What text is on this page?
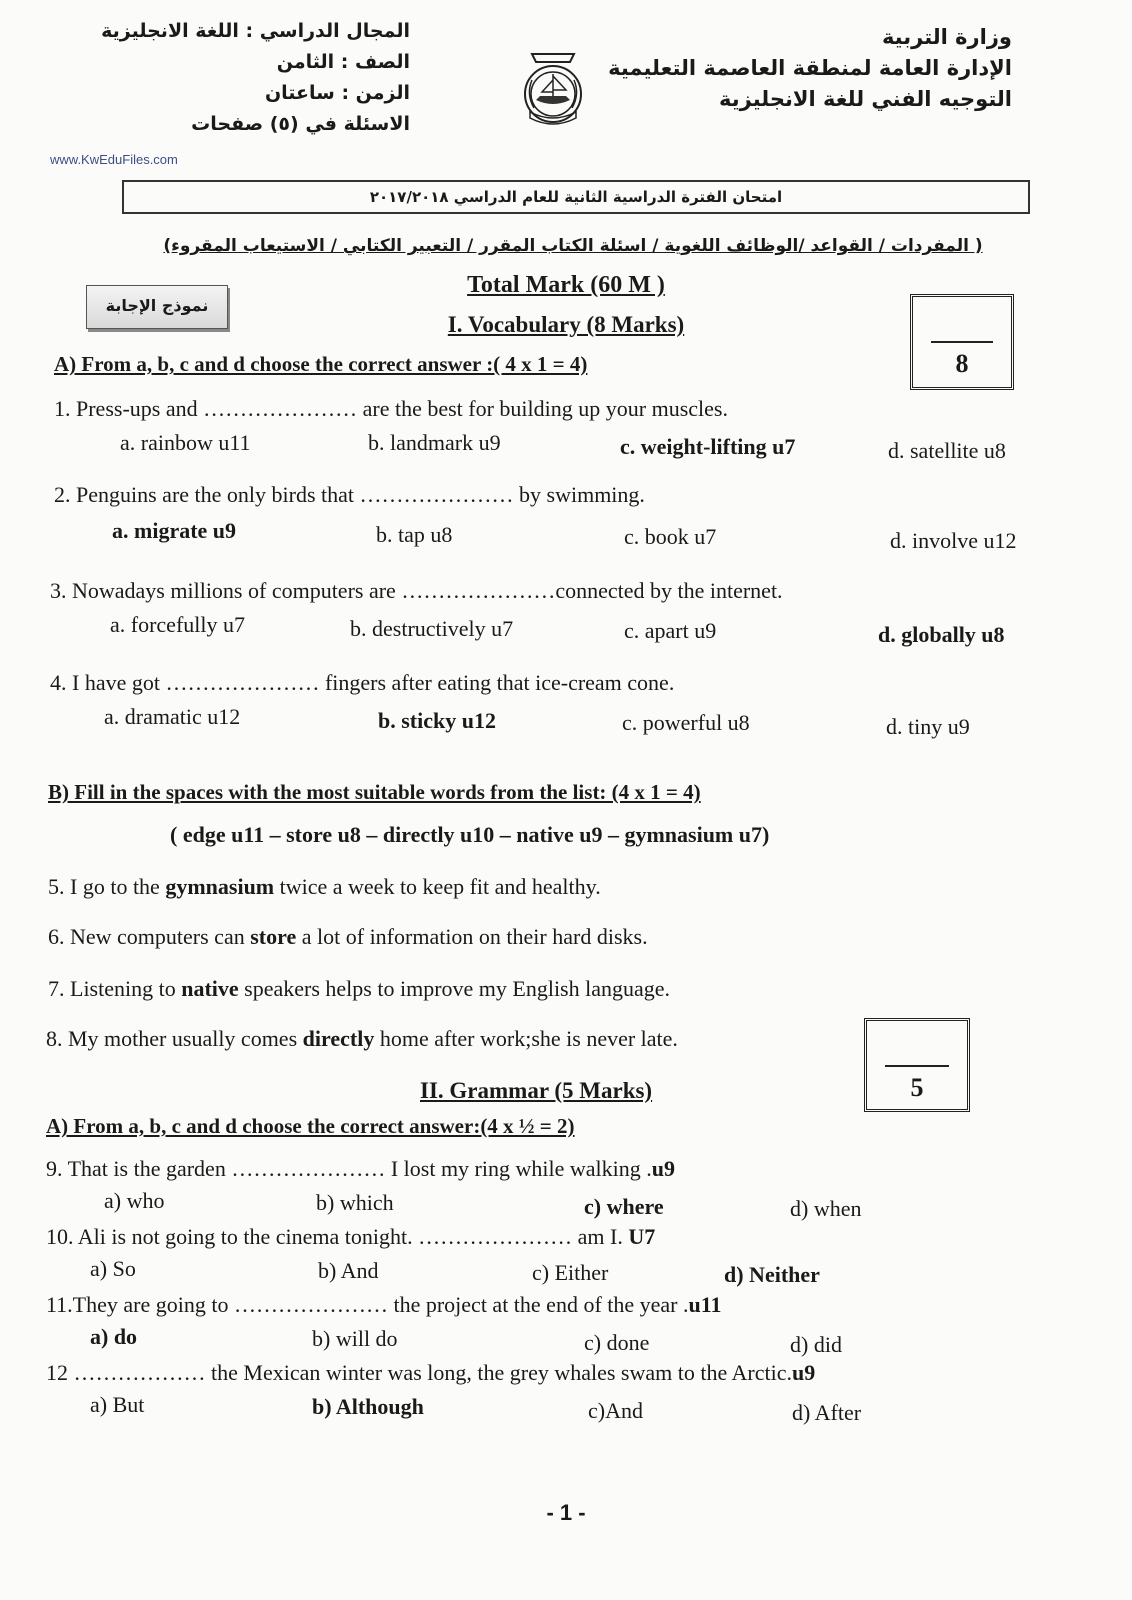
وزارة التربية
الإدارة العامة لمنطقة العاصمة التعليمية
التوجيه الفني للغة الانجليزية
المجال الدراسي : اللغة الانجليزية
الصف : الثامن
الزمن : ساعتان
الاسئلة في (٥) صفحات
www.KwEduFiles.com
امتحان الفترة الدراسية الثانية للعام الدراسي ٢٠١٧/٢٠١٨
( المفردات / القواعد /الوظائف اللغوية / اسئلة الكتاب المقرر / التعبير الكتابي / الاستيعاب المقروء)
نموذج الإجابة
Total Mark (60 M )
I. Vocabulary (8 Marks)
8
A) From a, b, c and d choose the correct answer :( 4 x 1 = 4)
1. Press-ups and ………………… are the best for building up your muscles.
a. rainbow u11	b. landmark u9	c. weight-lifting u7	d. satellite u8
2. Penguins are the only birds that ………………… by swimming.
a. migrate u9	b. tap u8	c. book u7	d. involve u12
3. Nowadays millions of computers are …………………connected by the internet.
a. forcefully u7	b. destructively u7	c. apart u9	d. globally u8
4. I have got ………………… fingers after eating that ice-cream cone.
a. dramatic u12	b. sticky u12	c. powerful u8	d. tiny u9
B) Fill in the spaces with the most suitable words from the list: (4 x 1 = 4)
( edge u11 – store u8 – directly u10 – native u9 – gymnasium u7)
5. I go to the gymnasium twice a week to keep fit and healthy.
6. New computers can store a lot of information on their hard disks.
7. Listening to native speakers helps to improve my English language.
8. My mother usually comes directly home after work;she is never late.
5
II. Grammar (5 Marks)
A) From a, b, c and d choose the correct answer:(4 x ½ = 2)
9. That is the garden ………………… I lost my ring while walking .u9
a) who	b) which	c) where	d) when
10. Ali is not going to the cinema tonight. ………………… am I. U7
a) So	b) And	c) Either	d) Neither
11.They are going to ………………… the project at the end of the year .u11
a) do	b) will do	c) done	d) did
12 ……………… the Mexican winter was long, the grey whales swam to the Arctic.u9
a) But	b) Although	c)And	d) After
- 1 -
